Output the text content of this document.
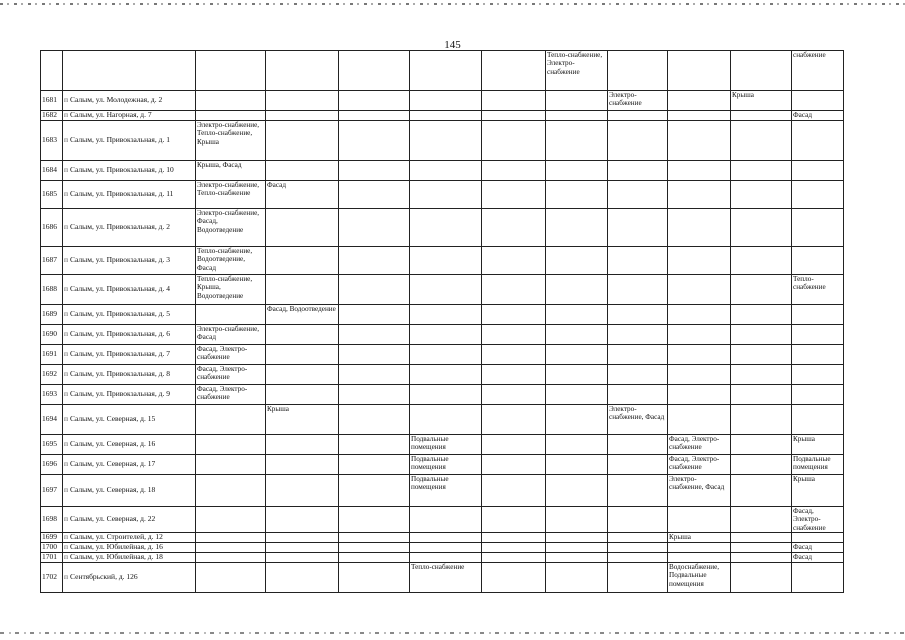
145
							Тепло-снабжение, Электро-снабжение				снабжение
1681	п Салым, ул. Молодежная, д. 2							Электро-снабжение		Крыша	
1682	п Салым, ул. Нагорная, д. 7										Фасад
1683	п Салым, ул. Привокзальная, д. 1	Электро-снабжение, Тепло-снабжение, Крыша									
1684	п Салым, ул. Привокзальная, д. 10	Крыша, Фасад									
1685	п Салым, ул. Привокзальная, д. 11	Электро-снабжение, Тепло-снабжение	Фасад								
1686	п Салым, ул. Привокзальная, д. 2	Электро-снабжение, Фасад, Водоотведение									
1687	п Салым, ул. Привокзальная, д. 3	Тепло-снабжение, Водоотведение, Фасад									
1688	п Салым, ул. Привокзальная, д. 4	Тепло-снабжение, Крыша, Водоотведение									Тепло-снабжение
1689	п Салым, ул. Привокзальная, д. 5		Фасад, Водоотведение								
1690	п Салым, ул. Привокзальная, д. 6	Электро-снабжение, Фасад									
1691	п Салым, ул. Привокзальная, д. 7	Фасад, Электро-снабжение									
1692	п Салым, ул. Привокзальная, д. 8	Фасад, Электро-снабжение									
1693	п Салым, ул. Привокзальная, д. 9	Фасад, Электро-снабжение									
1694	п Салым, ул. Северная, д. 15		Крыша					Электро-снабжение, Фасад			
1695	п Салым, ул. Северная, д. 16				Подвальные помещения				Фасад, Электро-снабжение		Крыша
1696	п Салым, ул. Северная, д. 17				Подвальные помещения				Фасад, Электро-снабжение		Подвальные помещения
1697	п Салым, ул. Северная, д. 18				Подвальные помещения				Электро-снабжение, Фасад		Крыша
1698	п Салым, ул. Северная, д. 22										Фасад, Электро-снабжение
1699	п Салым, ул. Строителей, д. 12								Крыша		
1700	п Салым, ул. Юбилейная, д. 16										Фасад
1701	п Салым, ул. Юбилейная, д. 18										Фасад
1702	п Сентябрьский, д. 126				Тепло-снабжение				Водоснабжение, Подвальные помещения		
